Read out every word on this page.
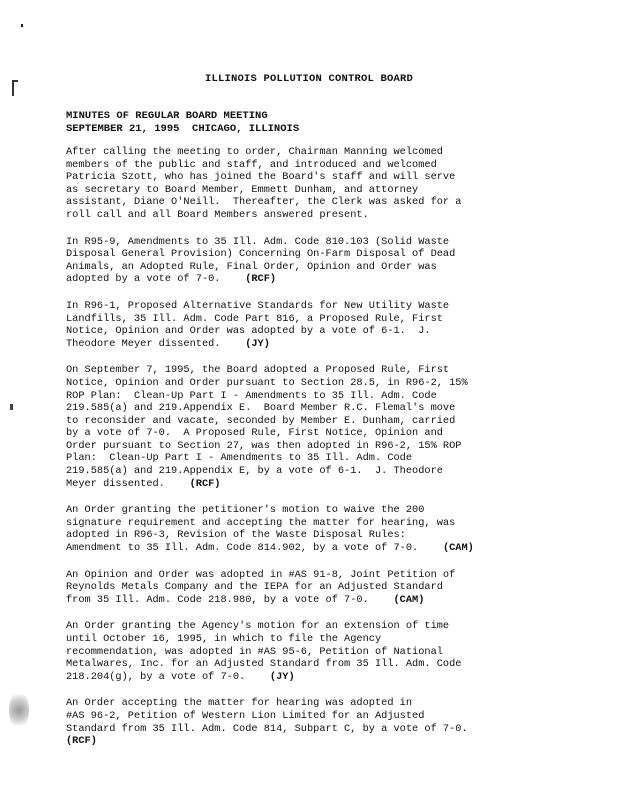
ILLINOIS POLLUTION CONTROL BOARD
MINUTES OF REGULAR BOARD MEETING
SEPTEMBER 21, 1995  CHICAGO, ILLINOIS
After calling the meeting to order, Chairman Manning welcomed
members of the public and staff, and introduced and welcomed
Patricia Szott, who has joined the Board's staff and will serve
as secretary to Board Member, Emmett Dunham, and attorney
assistant, Diane O'Neill.  Thereafter, the Clerk was asked for a
roll call and all Board Members answered present.
In R95-9, Amendments to 35 Ill. Adm. Code 810.103 (Solid Waste
Disposal General Provision) Concerning On-Farm Disposal of Dead
Animals, an Adopted Rule, Final Order, Opinion and Order was
adopted by a vote of 7-0.    (RCF)
In R96-1, Proposed Alternative Standards for New Utility Waste
Landfills, 35 Ill. Adm. Code Part 816, a Proposed Rule, First
Notice, Opinion and Order was adopted by a vote of 6-1.  J.
Theodore Meyer dissented.    (JY)
On September 7, 1995, the Board adopted a Proposed Rule, First
Notice, Opinion and Order pursuant to Section 28.5, in R96-2, 15%
ROP Plan:  Clean-Up Part I - Amendments to 35 Ill. Adm. Code
219.585(a) and 219.Appendix E.  Board Member R.C. Flemal's move
to reconsider and vacate, seconded by Member E. Dunham, carried
by a vote of 7-0.  A Proposed Rule, First Notice, Opinion and
Order pursuant to Section 27, was then adopted in R96-2, 15% ROP
Plan:  Clean-Up Part I - Amendments to 35 Ill. Adm. Code
219.585(a) and 219.Appendix E, by a vote of 6-1.  J. Theodore
Meyer dissented.    (RCF)
An Order granting the petitioner's motion to waive the 200
signature requirement and accepting the matter for hearing, was
adopted in R96-3, Revision of the Waste Disposal Rules:
Amendment to 35 Ill. Adm. Code 814.902, by a vote of 7-0.    (CAM)
An Opinion and Order was adopted in #AS 91-8, Joint Petition of
Reynolds Metals Company and the IEPA for an Adjusted Standard
from 35 Ill. Adm. Code 218.980, by a vote of 7-0.    (CAM)
An Order granting the Agency's motion for an extension of time
until October 16, 1995, in which to file the Agency
recommendation, was adopted in #AS 95-6, Petition of National
Metalwares, Inc. for an Adjusted Standard from 35 Ill. Adm. Code
218.204(g), by a vote of 7-0.    (JY)
An Order accepting the matter for hearing was adopted in
#AS 96-2, Petition of Western Lion Limited for an Adjusted
Standard from 35 Ill. Adm. Code 814, Subpart C, by a vote of 7-0.
(RCF)
